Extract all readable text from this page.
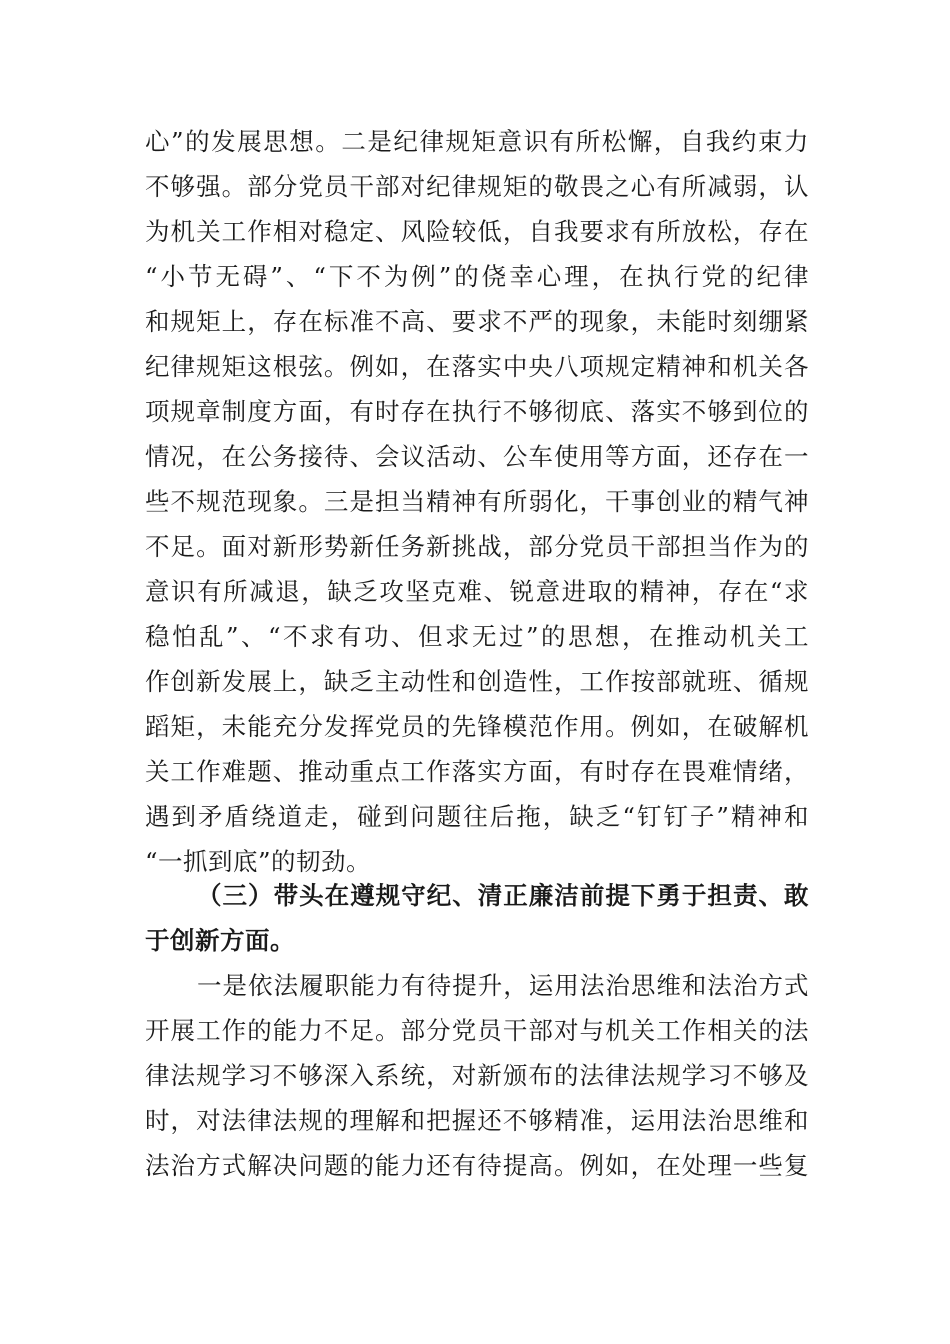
心”的发展思想。二是纪律规矩意识有所松懈，自我约束力
不够强。部分党员干部对纪律规矩的敬畏之心有所减弱，认
为机关工作相对稳定、风险较低，自我要求有所放松，存在
“小节无碍”、“下不为例”的侥幸心理，在执行党的纪律
和规矩上，存在标准不高、要求不严的现象，未能时刻绷紧
纪律规矩这根弦。例如，在落实中央八项规定精神和机关各
项规章制度方面，有时存在执行不够彻底、落实不够到位的
情况，在公务接待、会议活动、公车使用等方面，还存在一
些不规范现象。三是担当精神有所弱化，干事创业的精气神
不足。面对新形势新任务新挑战，部分党员干部担当作为的
意识有所减退，缺乏攻坚克难、锐意进取的精神，存在“求
稳怕乱”、“不求有功、但求无过”的思想，在推动机关工
作创新发展上，缺乏主动性和创造性，工作按部就班、循规
蹈矩，未能充分发挥党员的先锋模范作用。例如，在破解机
关工作难题、推动重点工作落实方面，有时存在畏难情绪，
遇到矛盾绕道走，碰到问题往后拖，缺乏“钉钉子”精神和
“一抓到底”的韧劲。
（三）带头在遵规守纪、清正廉洁前提下勇于担责、敢
于创新方面。
一是依法履职能力有待提升，运用法治思维和法治方式
开展工作的能力不足。部分党员干部对与机关工作相关的法
律法规学习不够深入系统，对新颁布的法律法规学习不够及
时，对法律法规的理解和把握还不够精准，运用法治思维和
法治方式解决问题的能力还有待提高。例如，在处理一些复
